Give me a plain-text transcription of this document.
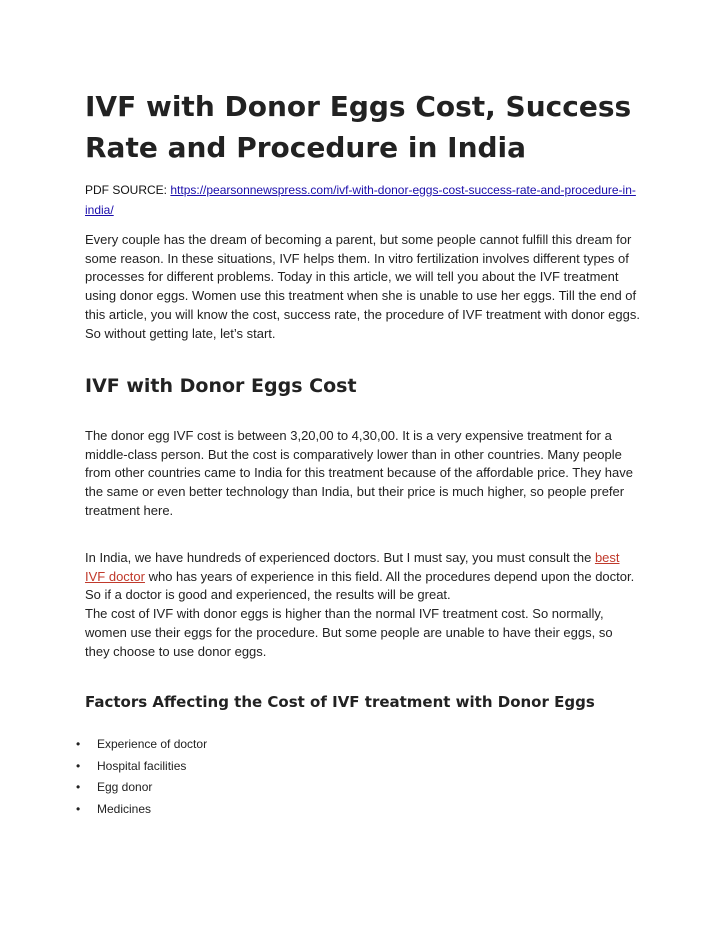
IVF with Donor Eggs Cost, Success Rate and Procedure in India

PDF SOURCE: https://pearsonnewspress.com/ivf-with-donor-eggs-cost-success-rate-and-procedure-in-india/

Every couple has the dream of becoming a parent, but some people cannot fulfill this dream for some reason. In these situations, IVF helps them. In vitro fertilization involves different types of processes for different problems. Today in this article, we will tell you about the IVF treatment using donor eggs. Women use this treatment when she is unable to use her eggs. Till the end of this article, you will know the cost, success rate, the procedure of IVF treatment with donor eggs. So without getting late, let’s start.

IVF with Donor Eggs Cost

The donor egg IVF cost is between 3,20,00 to 4,30,00. It is a very expensive treatment for a middle-class person. But the cost is comparatively lower than in other countries. Many people from other countries came to India for this treatment because of the affordable price. They have the same or even better technology than India, but their price is much higher, so people prefer treatment here.

In India, we have hundreds of experienced doctors. But I must say, you must consult the best IVF doctor who has years of experience in this field. All the procedures depend upon the doctor. So if a doctor is good and experienced, the results will be great.
The cost of IVF with donor eggs is higher than the normal IVF treatment cost. So normally, women use their eggs for the procedure. But some people are unable to have their eggs, so they choose to use donor eggs.

Factors Affecting the Cost of IVF treatment with Donor Eggs
• Experience of doctor
• Hospital facilities
• Egg donor
• Medicines
